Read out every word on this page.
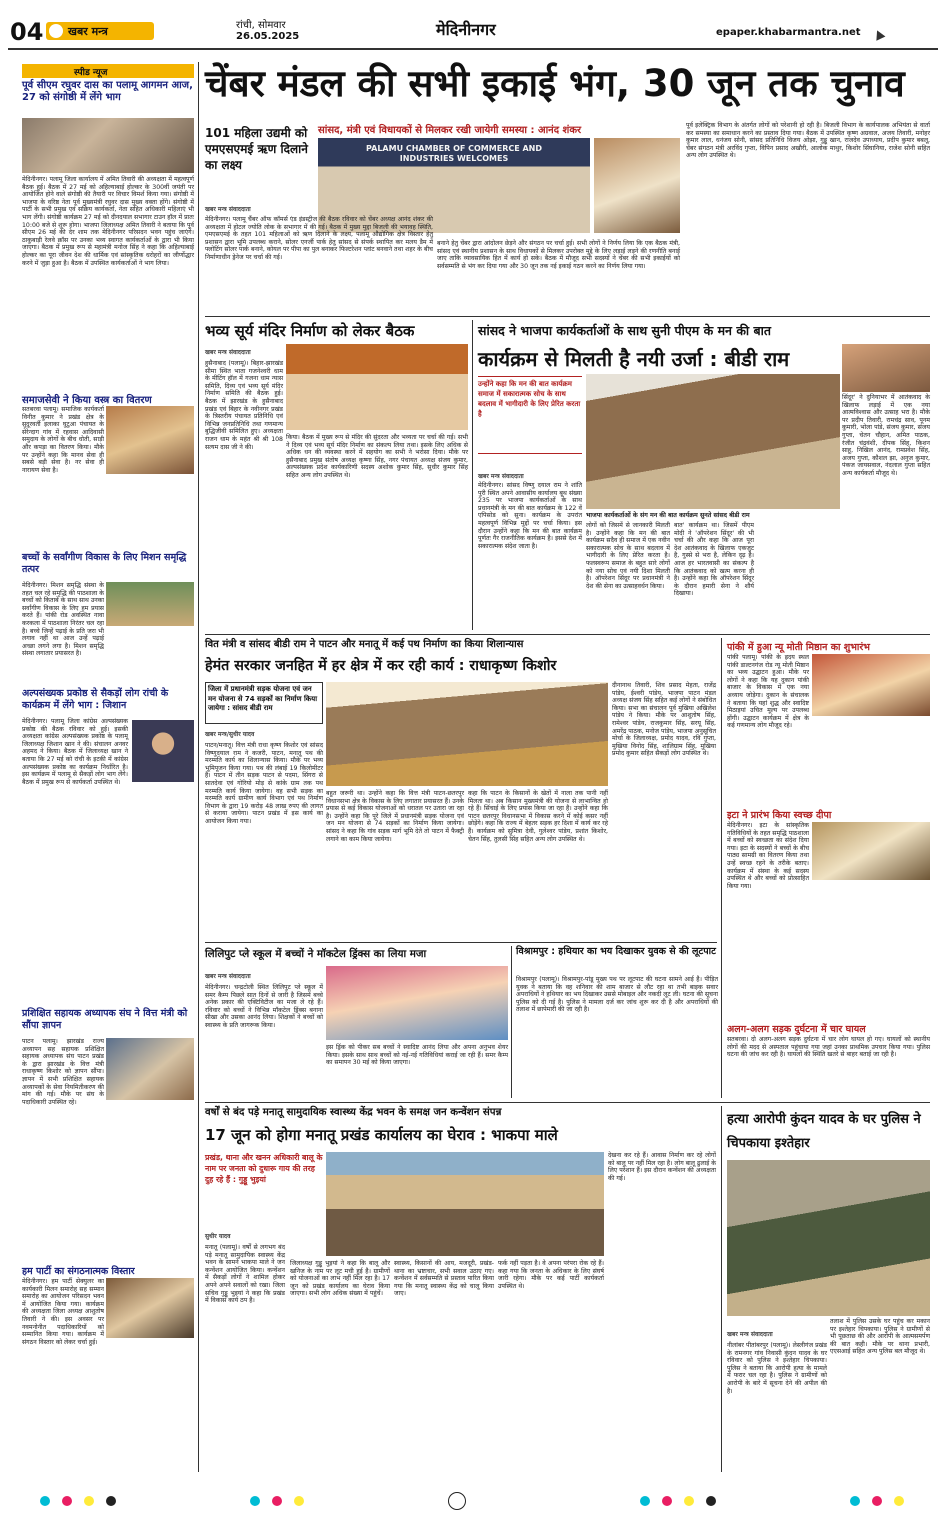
04 खबर मन्त्र	रांची, सोमवार
26.05.2025	मेदिनीनगर	epaper.khabarmantra.net
स्पीड न्यूज
पूर्व सीएम रघुवर दास का पलामू आगमन आज, 27 को संगोष्ठी में लेंगे भाग
मेदिनीनगर। पलामू जिला कार्यालय में अमित तिवारी की अध्यक्षता में महत्वपूर्ण बैठक हुई। बैठक में 27 मई को अहिल्याबाई होल्कर के 300वीं जयंती पर आयोजित होने वाले संगोष्ठी की तैयारी पर विचार विमर्श किया गया। संगोष्ठी में भाजपा के वरिष्ठ नेता पूर्व मुख्यमंत्री रघुवर दास मुख्य वक्ता होंगे। संगोष्ठी में पार्टी के सभी प्रमुख एवं सक्रिय कार्यकर्ता, नेता सहित अधिकारी महिलाएं भी भाग लेंगी। संगोष्ठी कार्यक्रम 27 मई को दीनदयाल सभागार टाउन हॉल में प्रातः 10:00 बजे से शुरू होगा। भाजपा जिलाध्यक्ष अमित तिवारी ने बताया कि पूर्व सीएम 26 मई की देर शाम तक मेदिनीनगर परिसदन भवन पहुंच जाएंगे। ठाकुबाड़ी रेलवे क्रॉस पर उनका भव्य स्वागत कार्यकर्ताओं के द्वारा भी किया जाएगा। बैठक में प्रमुख रूप से महामंत्री मनोज सिंह ने कहा कि अहिल्याबाई होल्कर का पूरा जीवन देश की धार्मिक एवं सांस्कृतिक धरोहरों का जीर्णोद्धार करने में जुड़ा हुआ है। बैठक में उपस्थित कार्यकर्ताओं ने भाग लिया।
समाजसेवी ने किया वस्त्र का वितरण
सतबरवा पलामू। समाजिक कार्यकर्ता विनीत कुमार ने प्रखंड क्षेत्र के सुदूरवर्ती इलाका घुटुआ पंचायत के सेरेन्दाग गांव में रहवास आदिवासी समुदाय के लोगों के बीच धोती, साड़ी और कपड़ा का वितरण किया। मौके पर उन्होंने कहा कि मानव सेवा ही सबसे बड़ी सेवा है। नर सेवा ही नारायण सेवा है।
बच्चों के सर्वांगीण विकास के लिए मिशन समृद्धि तत्पर
मेदिनीनगर। मिशन समृद्धि संस्था के तहत चल रहे समृद्धि की पाठशाला के बच्चों को किताबें के साथ साथ उनका सर्वांगीण विकास के लिए हम प्रयास करते हैं। पांकी रोड अवस्थित नावा करकला में पाठशाला निरंतर चल रहा है। बच्चे जिन्हें पढ़ाई के प्रति जरा भी लगाव नहीं था आज उन्हें पढ़ाई अच्छा लगने लगा है। मिशन समृद्धि संस्था लगातार प्रयासरत है।
अल्पसंख्यक प्रकोष्ठ से सैकड़ों लोग रांची के कार्यक्रम में लेंगे भाग : जिशान
मेदिनीनगर। पलामू जिला कांग्रेस अल्पसंख्यक प्रकोष्ठ की बैठक रविवार को हुई। इसकी अध्यक्षता कांग्रेस अल्पसंख्यक प्रकोष्ठ के पलामू जिलाध्यक्ष जिशान खान ने की। संचालन अनवर अहमद ने किया। बैठक में जिलाध्यक्ष खान ने बताया कि 27 मई को रांची के इटकी में कांग्रेस अल्पसंख्यक प्रकोष्ठ का कार्यक्रम निर्धारित है। इस कार्यक्रम में पलामू से सैकड़ों लोग भाग लेंगे। बैठक में प्रमुख रूप से कार्यकर्ता उपस्थित थे।
प्रशिक्षित सहायक अध्यापक संघ ने वित्त मंत्री को सौंपा ज्ञापन
पाटन पलामू। झारखंड राज्य अध्यापन सह सहायक प्रशिक्षित सहायक अध्यापक संघ पाटन प्रखंड के द्वारा झारखंड के वित्त मंत्री राधाकृष्ण किशोर को ज्ञापन सौंपा। ज्ञापन में सभी प्रशिक्षित सहायक अध्यापकों के सेवा नियमितीकरण की मांग की गई। मौके पर संघ के पदाधिकारी उपस्थित रहे।
हम पार्टी का संगठनात्मक विस्तार
मेदिनीनगर। हम पार्टी सेक्युलर का कार्यकारी मिलन समारोह सह सम्मान समारोह का आयोजन परिसदन भवन में आयोजित किया गया। कार्यक्रम की अध्यक्षता जिला अध्यक्ष आशुतोष तिवारी ने की। इस अवसर पर नवमनोनीत पदाधिकारियों को सम्मानित किया गया। कार्यक्रम में संगठन विस्तार को लेकर चर्चा हुई।
चेंबर मंडल की सभी इकाई भंग, 30 जून तक चुनाव
101 महिला उद्यमी को एमएसएमई ऋण दिलाने का लक्ष्य
सांसद, मंत्री एवं विधायकों से मिलकर रखी जायेगी समस्या : आनंद शंकर
PALAMU CHAMBER OF COMMERCE AND INDUSTRIES WELCOMES
खबर मन्त्र संवाददाता
मेदिनीनगर। पलामू चैंबर ऑफ कॉमर्स एंड इंडस्ट्रीज की बैठक रविवार को चेंबर अध्यक्ष आनंद शंकर की अध्यक्षता में होटल ज्योति लोक के सभागार में की गई। बैठक में मुख्य मुद्दा बिजली की भयावह स्थिति, एमएसएमई के तहत 101 महिलाओं को ऋण दिलाने के लक्ष्य, पलामू औद्योगिक क्षेत्र विस्तार हेतु प्रशासन द्वारा भूमि उपलब्ध कराने, सोलर एनर्जी पार्क हेतु सांसद से संपर्क स्थापित कर मलय डैम में फ्लोटिंग सोलर पार्क बनाने, कोयल पर पीपा का पुल बनाकर फिल्टरेशन प्लांट बनवाने तथा शहर के बीच निर्माणाधीन ड्रेनेज पर चर्चा की गई।
बनाने हेतु चेंबर द्वारा आंदोलन छेड़ने और संगठन पर चर्चा हुई। सभी लोगों ने निर्णय लिया कि एक बैठक मंत्री, सांसद एवं स्थानीय प्रशासन के साथ विधायकों से मिलकर उपरोक्त मुद्दे के लिए लड़ाई लड़ने की रणनीति बनाई जाए ताकि व्यावसायिक हित में कार्य हो सके। बैठक में मौजूद सभी सदस्यों ने चेंबर की सभी इकाईयों को सर्वसम्मति से भंग कर दिया गया और 30 जून तक नई इकाई गठन करने का निर्णय लिया गया।
पूर्व इलेक्ट्रिक विभाग के अंतर्गत लोगों को परेशानी हो रही है। बिजली विभाग के कार्यपालक अभियंता से वार्ता कर समस्या का समाधान करने का प्रस्ताव दिया गया। बैठक में उपस्थित कृष्ण अग्रवाल, अजय तिवारी, मनोहर कुमार लाल, धनंजय सोनी, सांसद प्रतिनिधि विजय ओझा, गुड्डू खान, राजदेव उपाध्याय, प्रदीप कुमार बबलू, चेंबर संगठन मंत्री अरविंद गुप्ता, विपिन प्रसाद अखौरी, आलोक माथुर, किशोर सिंघानिया, राजेश सोनी सहित अन्य लोग उपस्थित थे।
भव्य सूर्य मंदिर निर्माण को लेकर बैठक
खबर मन्त्र संवाददाता
हुसैनाबाद (पलामू)। बिहार-झारखंड सीमा स्थित भाता गजनेश्वरी धाम के मीटिंग हॉल में गजना धाम न्यास समिति, दिव्य एवं भव्य सूर्य मंदिर निर्माण समिति की बैठक हुई। बैठक में झारखंड के हुसैनाबाद प्रखंड एवं बिहार के नवीनगर प्रखंड के त्रिस्तरीय पंचायत प्रतिनिधि एवं विभिन्न जनप्रतिनिधि तथा गणमान्य बुद्धिजीवी समिलित हुए। अध्यक्षता राजन धाम के महंत श्री श्री 108 सत्यम दास जी ने की।
किया। बैठक में मुख्य रूप से मंदिर की सुंदरता और भव्यता पर चर्चा की गई। सभी ने दिव्य एवं भव्य सूर्य मंदिर निर्माण का संकल्प लिया तथा। इसके लिए अधिक से अधिक धन की व्यवस्था करने में सहयोग का सभी ने भरोसा दिया। मौके पर हुसैनाबाद प्रमुख संतोष अध्यक्ष कृष्णा सिंह, नगर पंचायत अध्यक्ष संजय कुमार, अल्पसंख्यक प्रदेश कार्यकारिणी सदस्य अशोक कुमार सिंह, सुधीर कुमार सिंह सहित अन्य लोग उपस्थित थे।
सांसद ने भाजपा कार्यकर्ताओं के साथ सुनी पीएम के मन की बात
कार्यक्रम से मिलती है नयी उर्जा : बीडी राम
उन्होंने कहा कि मन की बात कार्यक्रम समाज में सकारात्मक सोच के साथ बदलाव में भागीदारी के लिए प्रेरित करता है
खबर मन्त्र संवाददाता
भाजपा कार्यकर्ताओं के संग मन की बात कार्यक्रम सुनते सांसद बीडी राम
मेदिनीनगर। सांसद विष्णु दयाल राम ने शांति पुरी स्थित अपने आवासीय कार्यालय बूथ संख्या 235 पर भाजपा कार्यकर्ताओं के साथ प्रधानमंत्री के मन की बात कार्यक्रम के 122 वें एपिसोड को सुना। कार्यक्रम के उपरांत महत्वपूर्ण विभिन्न मुद्दों पर चर्चा किया। इस दौरान उन्होंने कहा कि मन की बात कार्यक्रम पूर्णतः गैर राजनीतिक कार्यक्रम है। इससे देश में सकारात्मक संदेश जाता है।
लोगों को जिसमें से जानकारी मिलती है। उन्होंने कहा कि मन की बात कार्यक्रम सदैव ही समाज में एक नवीन सकारात्मक सोच के साथ बदलाव में भागीदारी के लिए प्रेरित करता है। फलस्वरूप समाज के बहुत सारे लोगों को नया सोच एवं नयी दिशा मिलती है। ऑपरेशन सिंदूर पर प्रधानमंत्री ने देश की सेना का उत्साहवर्धन किया।
बात' कार्यक्रम था। जिसमें पीएम मोदी ने 'ऑपरेशन सिंदूर' की भी चर्चा की और कहा कि आज पूरा देश आतंकवाद के खिलाफ एकजुट है, गुस्से से भरा है, लेकिन दृढ़ है। आज हर भारतवासी का संकल्प है कि आतंकवाद को खत्म करना ही है। उन्होंने कहा कि ऑपरेशन सिंदूर के दौरान हमारी सेना ने शौर्य दिखाया।
सिंदूर' ने दुनियाभर में आतंकवाद के खिलाफ लड़ाई में एक नया आत्मविश्वास और उत्साह भरा है। मौके पर प्रदीप तिवारी, रामचंद्र साव, पूनम कुमारी, भोला पांडे, संजय कुमार, संजय गुप्ता, चेतन चौहान, अमित पाठक, रंजीत चंद्रवंशी, दीपक सिंह, किशन साहू, निखिल आनंद, रामप्रवेश सिंह, अजय गुप्ता, कौशल झा, अनुज कुमार, पंकज जायसवाल, नंदलाल गुप्ता सहित अन्य कार्यकर्ता मौजूद थे।
वित मंत्री व सांसद बीडी राम ने पाटन और मनातू में कई पथ निर्माण का किया शिलान्यास
हेमंत सरकार जनहित में हर क्षेत्र में कर रही कार्य : राधाकृष्ण किशोर
जिला में प्रधानमंत्री सड़क योजना एवं जन मन योजना से 74 सड़कों का निर्माण किया जायेगा : सांसद बीडी राम
खबर मन्त्र/सुधीर यादव
पाटन/मनातू। वित्त मंत्री राधा कृष्ण किशोर एवं सांसद विष्णुदयाल राम ने कजरी, पाटन, मनातू पथ की मरम्मति कार्य का शिलान्यास किया। मौके पर भव्य भूमिपूजन किया गया। पथ की लंबाई 19 किलोमीटर है। पाटन में तीन सड़क पाटन से पदमा, सिंगरा से सातदेवा एवं गोरियो मोड़ से कांके ग्राम तक पथ मरम्मति कार्य किया जायेगा। वह सभी सड़क का मरम्मति कार्य ग्रामीण कार्य विभाग एवं पथ निर्माण विभाग के द्वारा 19 करोड़ 48 लाख रुपए की लागत से कराया जायेगा। पाटन प्रखंड में इस कार्य का आयोजन किया गया।
बहुत जरूरी था। उन्होंने कहा कि वित्त मंत्री पाटन-छतरपुर विधानसभा क्षेत्र के विकास के लिए लगातार प्रयासरत हैं। उनके प्रयास से कई विकास योजनाओं को धरातल पर उतारा जा रहा है। उन्होंने कहा कि पूरे जिले में प्रधानमंत्री सड़क योजना एवं जन मन योजना से 74 सड़कों का निर्माण किया जायेगा। सांसद ने कहा कि गांव सड़क मार्ग भूमि देते तो पाटन में फैक्ट्री लगाने का काम किया जायेगा।
कहा कि पाटन के किसानों के खेतों में नाला तक पानी नहीं मिलता था। अब किसान मुख्यमंत्री की योजना से लाभान्वित हो रहे हैं। सिंचाई के लिए प्रयास किया जा रहा है। उन्होंने कहा कि पाटन छतरपुर विधानसभा में विकास करने में कोई कसर नहीं छोड़ेंगे। कहा कि राज्य में बेहतर सड़क हर दिशा में कार्य कर रहे हैं। कार्यक्रम को सुमित्रा देवी, गुलेश्वर पांडेय, प्रशांत किशोर, चेतन सिंह, तुलसी सिंह सहित अन्य लोग उपस्थित थे।
दीनानाथ तिवारी, शिव प्रसाद मेहता, राजेंद्र पांडेय, ईश्वरी पांडेय, भाजपा पाटन मंडल अध्यक्ष संजय सिंह सहित कई लोगों ने संबोधित किया। सभा का संचालन पूर्व मुखिया अखिलेश पांडेय ने किया। मौके पर आशुतोष सिंह, रामेश्वर पांडेय, राजकुमार सिंह, सरयू सिंह, अमरेंद्र पाठक, मनोज पांडेय, भाजपा अनुसूचित मोर्चा के जिलाध्यक्ष, प्रमोद यादव, रवि गुप्ता, मुखिया विनोद सिंह, शालिग्राम सिंह, मुखिया प्रमोद कुमार सहित सैकड़ों लोग उपस्थित थे।
पांकी में हुआ न्यू मोती मिष्ठान का शुभारंभ
पांकी पलामू। पांकी के ह्रदय स्थल पांकी डाल्टनगंज रोड न्यू मोती मिष्ठान का भव्य उद्घाटन हुआ। मौके पर लोगों ने कहा कि यह दुकान पांकी बाजार के विकास में एक नया अध्याय जोड़ेगा। दुकान के संचालक ने बताया कि यहां शुद्ध और स्वादिष्ट मिठाइयां उचित मूल्य पर उपलब्ध होंगी। उद्घाटन कार्यक्रम में क्षेत्र के कई गणमान्य लोग मौजूद रहे।
इटा ने प्रारंभ किया स्वच्छ दीपा
मेदिनीनगर। इटा के सांस्कृतिक गतिविधियों के तहत समृद्धि पाठशाला में बच्चों को स्वच्छता का संदेश दिया गया। इटा के सदस्यों ने बच्चों के बीच पाठ्य सामग्री का वितरण किया तथा उन्हें स्वच्छ रहने के तरीके बताए। कार्यक्रम में संस्था के कई सदस्य उपस्थित थे और बच्चों को प्रोत्साहित किया गया।
अलग-अलग सड़क दुर्घटना में चार घायल
सतबरवा। दो अलग-अलग सड़क दुर्घटना में चार लोग घायल हो गए। घायलों को स्थानीय लोगों की मदद से अस्पताल पहुंचाया गया जहां उनका प्राथमिक उपचार किया गया। पुलिस घटना की जांच कर रही है। घायलों की स्थिति खतरे से बाहर बताई जा रही है।
लिलिपुट प्ले स्कूल में बच्चों ने मॉकटेल ड्रिंक्स का लिया मजा
खबर मन्त्र संवाददाता
मेदिनीनगर। चन्द्रटोली स्थित लिलिपुट प्ले स्कूल में समर कैम्प पिछले सात दिनों से जारी है जिसमें बच्चे अनेक प्रकार की एक्टिविटीज का मजा ले रहे हैं। रविवार को बच्चों ने विभिन्न मॉकटेल ड्रिंक्स बनाना सीखा और उसका आनंद लिया। शिक्षकों ने बच्चों को स्वास्थ्य के प्रति जागरूक किया।
इस ड्रिंक को पीकर सब बच्चों ने स्वादिष्ट आनंद लिया और अपना अनुभव शेयर किया। इसके साथ साथ बच्चों को नई-नई गतिविधियां कराई जा रही हैं। समर कैम्प का समापन 30 मई को किया जाएगा।
विश्रामपुर : हथियार का भय दिखाकर युवक से की लूटपाट
विश्रामपुर (पलामू)। विश्रामपुर-पांडू मुख्य पथ पर लूटपाट की घटना सामने आई है। पीड़ित युवक ने बताया कि वह शनिवार की शाम बाजार से लौट रहा था तभी बाइक सवार अपराधियों ने हथियार का भय दिखाकर उससे मोबाइल और नकदी लूट ली। घटना की सूचना पुलिस को दी गई है। पुलिस ने मामला दर्ज कर जांच शुरू कर दी है और अपराधियों की तलाश में छापेमारी की जा रही है।
वर्षों से बंद पड़े मनातू सामुदायिक स्वास्थ्य केंद्र भवन के समक्ष जन कन्वेंशन संपन्न
17 जून को होगा मनातू प्रखंड कार्यालय का घेराव : भाकपा माले
प्रखंड, थाना और खनन अधिकारी बालू के नाम पर जनता को दुधारू गाय की तरह दुह रहे हैं : गुड्डू भुइयां
सुधीर यादव
मनातू (पलामू)। वर्षों से लगभग बंद पड़े मनातू सामुदायिक स्वास्थ्य केंद्र भवन के सामने भाकपा माले ने जन कन्वेंशन आयोजित किया। कन्वेंशन में सैकड़ों लोगों ने शामिल होकर अपने अपने सवालों को रखा। जिला सचिव गुड्डू भुइयां ने कहा कि प्रखंड में विकास कार्य ठप है।
जिलाध्यक्ष गुड्डू भुइयां ने कहा कि बालू और खनिज के नाम पर लूट मची हुई है। ग्रामीणों को योजनाओं का लाभ नहीं मिल रहा है। 17 जून को प्रखंड कार्यालय का घेराव किया जाएगा। सभी लोग अधिक संख्या में पहुंचें।
स्वास्थ्य, किसानों की आय, मजदूरी, प्रखंड-थाना का भ्रष्टाचार, सभी सवाल उठाए गए। कन्वेंशन में सर्वसम्मति से प्रस्ताव पारित किया गया कि मनातू स्वास्थ्य केंद्र को चालू किया जाए।
फर्क नहीं पड़ता है। वे अपना परंपरा रोक रहे हैं। कहा गया कि जनता के अधिकार के लिए संघर्ष जारी रहेगा। मौके पर कई पार्टी कार्यकर्ता उपस्थित थे।
देखना कर रहे हैं। आवास निर्माण कर रहे लोगों को बालू पर नहीं मिल रहा है। लोग बालू ढुलाई के लिए परेशान हैं। इस दौरान कन्वेंशन की अध्यक्षता की गई।
हत्या आरोपी कुंदन यादव के घर पुलिस ने चिपकाया इश्तेहार
खबर मन्त्र संवाददाता
नीलांबर पीतांबरपुर (पलामू)। लेस्लीगंज प्रखंड के रामनगर गांव निवासी कुंदन यादव के घर रविवार को पुलिस ने इश्तेहार चिपकाया। पुलिस ने बताया कि आरोपी हत्या के मामले में फरार चल रहा है। पुलिस ने ग्रामीणों को आरोपी के बारे में सूचना देने की अपील की है।
तलाश में पुलिस उसके घर पहुंच कर मकान पर इश्तेहार चिपकाया। पुलिस ने ग्रामीणों से भी पूछताछ की और आरोपी के आत्मसमर्पण की बात कही। मौके पर थाना प्रभारी, एएसआई सहित अन्य पुलिस बल मौजूद थे।
